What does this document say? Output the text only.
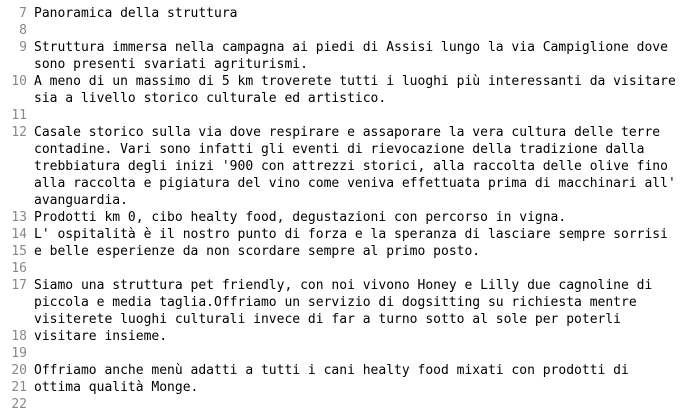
7 Panoramica della struttura
8
9 Struttura immersa nella campagna ai piedi di Assisi lungo la via Campiglione dove
sono presenti svariati agriturismi.
10 A meno di un massimo di 5 km troverete tutti i luoghi più interessanti da visitare
sia a livello storico culturale ed artistico.
11
12 Casale storico sulla via dove respirare e assaporare la vera cultura delle terre
contadine. Vari sono infatti gli eventi di rievocazione della tradizione dalla
trebbiatura degli inizi '900 con attrezzi storici, alla raccolta delle olive fino
alla raccolta e pigiatura del vino come veniva effettuata prima di macchinari all'
avanguardia.
13 Prodotti km 0, cibo healty food, degustazioni con percorso in vigna.
14 L' ospitalità è il nostro punto di forza e la speranza di lasciare sempre sorrisi
15 e belle esperienze da non scordare sempre al primo posto.
16
17 Siamo una struttura pet friendly, con noi vivono Honey e Lilly due cagnoline di
piccola e media taglia.Offriamo un servizio di dogsitting su richiesta mentre
visiterete luoghi culturali invece di far a turno sotto al sole per poterli
18 visitare insieme.
19
20 Offriamo anche menù adatti a tutti i cani healty food mixati con prodotti di
21 ottima qualità Monge.
22
